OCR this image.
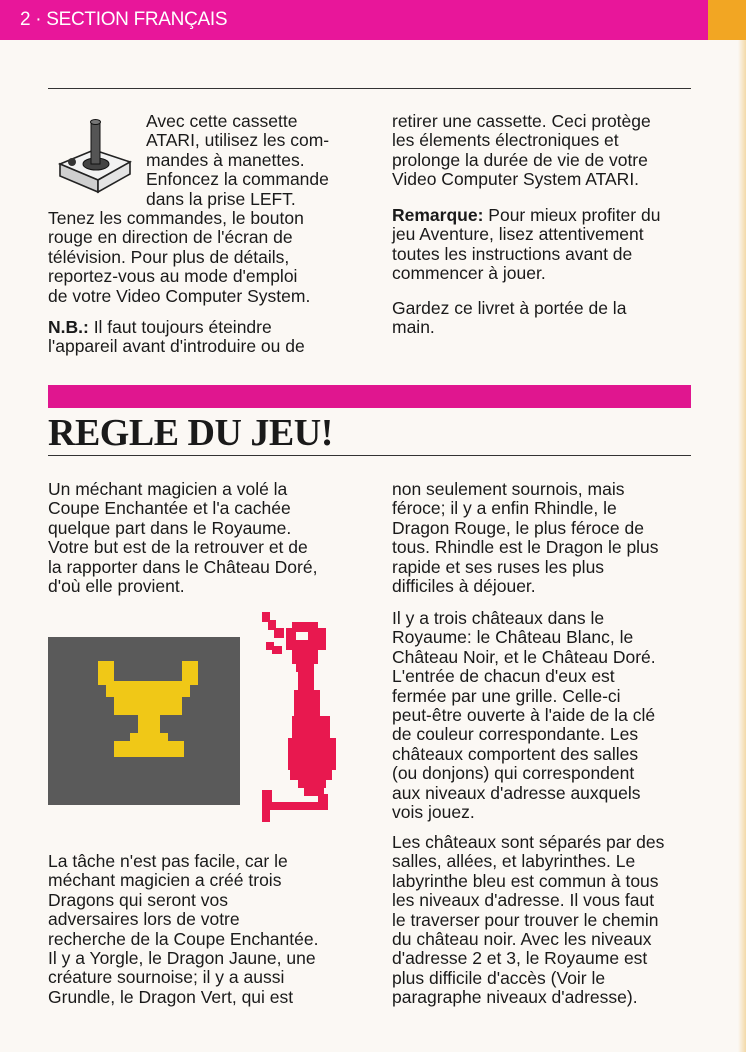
2 · SECTION FRANÇAIS

Avec cette cassette

ATARI, utilisez les com-

mandes à manettes.

Enfoncez la commande

dans la prise LEFT.

Tenez les commandes, le bouton

rouge en direction de l'écran de

télévision. Pour plus de détails,

reportez-vous au mode d'emploi

de votre Video Computer System.

N.B.: Il faut toujours éteindre

l'appareil avant d'introduire ou de

retirer une cassette. Ceci protège

les élements électroniques et

prolonge la durée de vie de votre

Video Computer System ATARI.

Remarque: Pour mieux profiter du

jeu Aventure, lisez attentivement

toutes les instructions avant de

commencer à jouer.

Gardez ce livret à portée de la

main.

REGLE DU JEU!

Un méchant magicien a volé la

Coupe Enchantée et l'a cachée

quelque part dans le Royaume.

Votre but est de la retrouver et de

la rapporter dans le Château Doré,

d'où elle provient.

La tâche n'est pas facile, car le

méchant magicien a créé trois

Dragons qui seront vos

adversaires lors de votre

recherche de la Coupe Enchantée.

Il y a Yorgle, le Dragon Jaune, une

créature sournoise; il y a aussi

Grundle, le Dragon Vert, qui est

non seulement sournois, mais

féroce; il y a enfin Rhindle, le

Dragon Rouge, le plus féroce de

tous. Rhindle est le Dragon le plus

rapide et ses ruses les plus

difficiles à déjouer.

Il y a trois châteaux dans le

Royaume: le Château Blanc, le

Château Noir, et le Château Doré.

L'entrée de chacun d'eux est

fermée par une grille. Celle-ci

peut-être ouverte à l'aide de la clé

de couleur correspondante. Les

châteaux comportent des salles

(ou donjons) qui correspondent

aux niveaux d'adresse auxquels

vois jouez.

Les châteaux sont séparés par des

salles, allées, et labyrinthes. Le

labyrinthe bleu est commun à tous

les niveaux d'adresse. Il vous faut

le traverser pour trouver le chemin

du château noir. Avec les niveaux

d'adresse 2 et 3, le Royaume est

plus difficile d'accès (Voir le

paragraphe niveaux d'adresse).
